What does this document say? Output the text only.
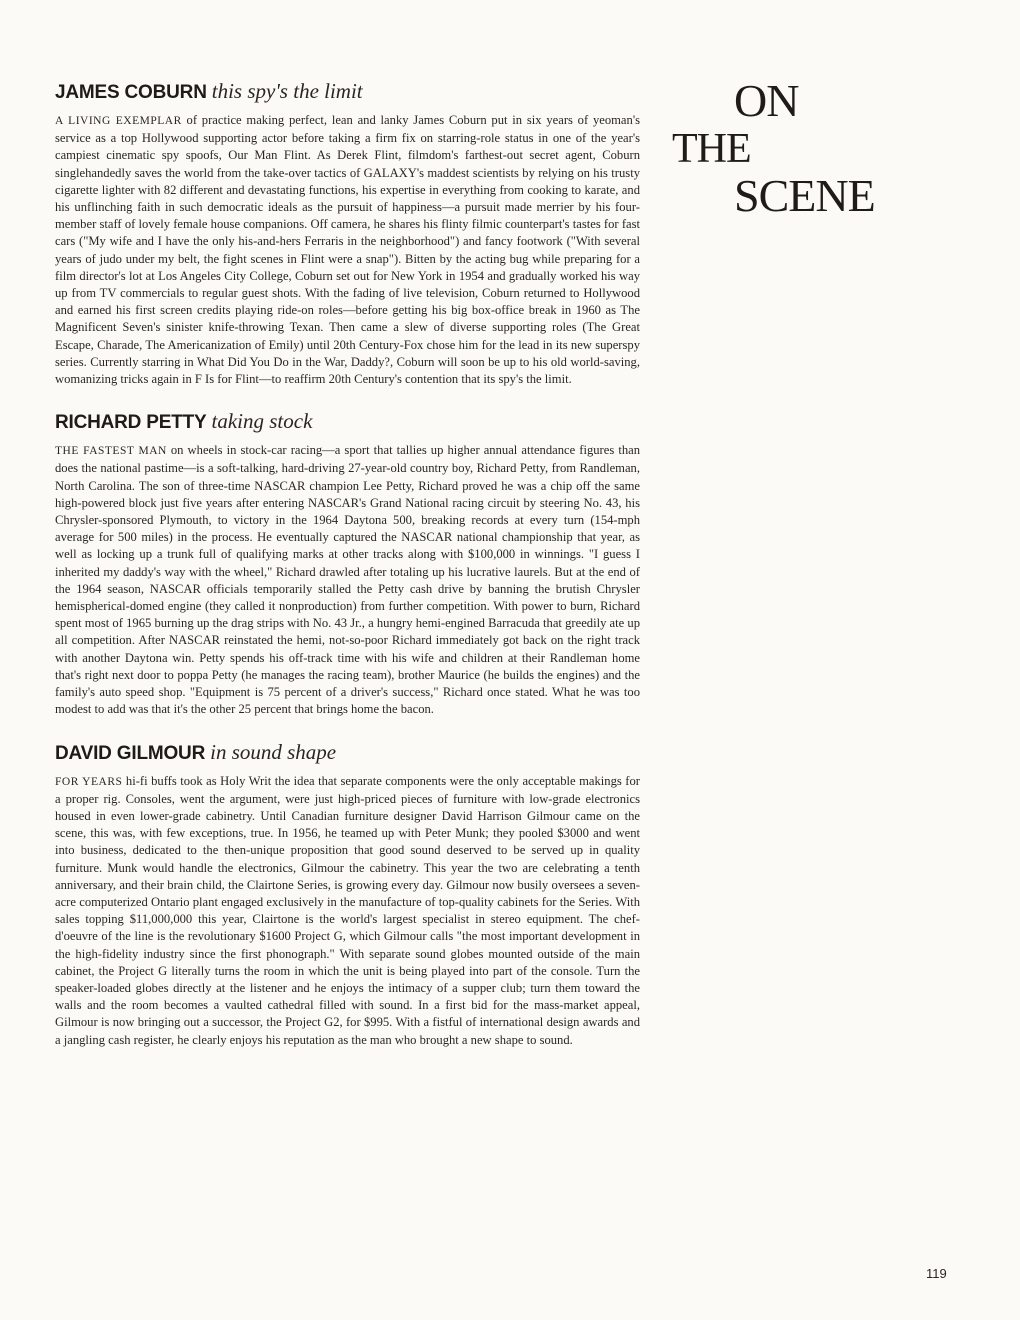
JAMES COBURN this spy's the limit

A LIVING EXEMPLAR of practice making perfect, lean and lanky James Coburn put in six years of yeoman's service as a top Hollywood supporting actor before taking a firm fix on starring-role status in one of the year's campiest cinematic spy spoofs, Our Man Flint. As Derek Flint, filmdom's farthest-out secret agent, Coburn singlehandedly saves the world from the take-over tactics of GALAXY's maddest scientists by relying on his trusty cigarette lighter with 82 different and devastating functions, his expertise in everything from cooking to karate, and his unflinching faith in such democratic ideals as the pursuit of happiness—a pursuit made merrier by his four-member staff of lovely female house companions. Off camera, he shares his flinty filmic counterpart's tastes for fast cars ("My wife and I have the only his-and-hers Ferraris in the neighborhood") and fancy footwork ("With several years of judo under my belt, the fight scenes in Flint were a snap"). Bitten by the acting bug while preparing for a film director's lot at Los Angeles City College, Coburn set out for New York in 1954 and gradually worked his way up from TV commercials to regular guest shots. With the fading of live television, Coburn returned to Hollywood and earned his first screen credits playing ride-on roles—before getting his big box-office break in 1960 as The Magnificent Seven's sinister knife-throwing Texan. Then came a slew of diverse supporting roles (The Great Escape, Charade, The Americanization of Emily) until 20th Century-Fox chose him for the lead in its new superspy series. Currently starring in What Did You Do in the War, Daddy?, Coburn will soon be up to his old world-saving, womanizing tricks again in F Is for Flint—to reaffirm 20th Century's contention that its spy's the limit.

RICHARD PETTY taking stock

THE FASTEST MAN on wheels in stock-car racing—a sport that tallies up higher annual attendance figures than does the national pastime—is a soft-talking, hard-driving 27-year-old country boy, Richard Petty, from Randleman, North Carolina. The son of three-time NASCAR champion Lee Petty, Richard proved he was a chip off the same high-powered block just five years after entering NASCAR's Grand National racing circuit by steering No. 43, his Chrysler-sponsored Plymouth, to victory in the 1964 Daytona 500, breaking records at every turn (154-mph average for 500 miles) in the process. He eventually captured the NASCAR national championship that year, as well as locking up a trunk full of qualifying marks at other tracks along with $100,000 in winnings. "I guess I inherited my daddy's way with the wheel," Richard drawled after totaling up his lucrative laurels. But at the end of the 1964 season, NASCAR officials temporarily stalled the Petty cash drive by banning the brutish Chrysler hemispherical-domed engine (they called it nonproduction) from further competition. With power to burn, Richard spent most of 1965 burning up the drag strips with No. 43 Jr., a hungry hemi-engined Barracuda that greedily ate up all competition. After NASCAR reinstated the hemi, not-so-poor Richard immediately got back on the right track with another Daytona win. Petty spends his off-track time with his wife and children at their Randleman home that's right next door to poppa Petty (he manages the racing team), brother Maurice (he builds the engines) and the family's auto speed shop. "Equipment is 75 percent of a driver's success," Richard once stated. What he was too modest to add was that it's the other 25 percent that brings home the bacon.

DAVID GILMOUR in sound shape

FOR YEARS hi-fi buffs took as Holy Writ the idea that separate components were the only acceptable makings for a proper rig. Consoles, went the argument, were just high-priced pieces of furniture with low-grade electronics housed in even lower-grade cabinetry. Until Canadian furniture designer David Harrison Gilmour came on the scene, this was, with few exceptions, true. In 1956, he teamed up with Peter Munk; they pooled $3000 and went into business, dedicated to the then-unique proposition that good sound deserved to be served up in quality furniture. Munk would handle the electronics, Gilmour the cabinetry. This year the two are celebrating a tenth anniversary, and their brain child, the Clairtone Series, is growing every day. Gilmour now busily oversees a seven-acre computerized Ontario plant engaged exclusively in the manufacture of top-quality cabinets for the Series. With sales topping $11,000,000 this year, Clairtone is the world's largest specialist in stereo equipment. The chef-d'oeuvre of the line is the revolutionary $1600 Project G, which Gilmour calls "the most important development in the high-fidelity industry since the first phonograph." With separate sound globes mounted outside of the main cabinet, the Project G literally turns the room in which the unit is being played into part of the console. Turn the speaker-loaded globes directly at the listener and he enjoys the intimacy of a supper club; turn them toward the walls and the room becomes a vaulted cathedral filled with sound. In a first bid for the mass-market appeal, Gilmour is now bringing out a successor, the Project G2, for $995. With a fistful of international design awards and a jangling cash register, he clearly enjoys his reputation as the man who brought a new shape to sound.

ON
THE
SCENE
119
